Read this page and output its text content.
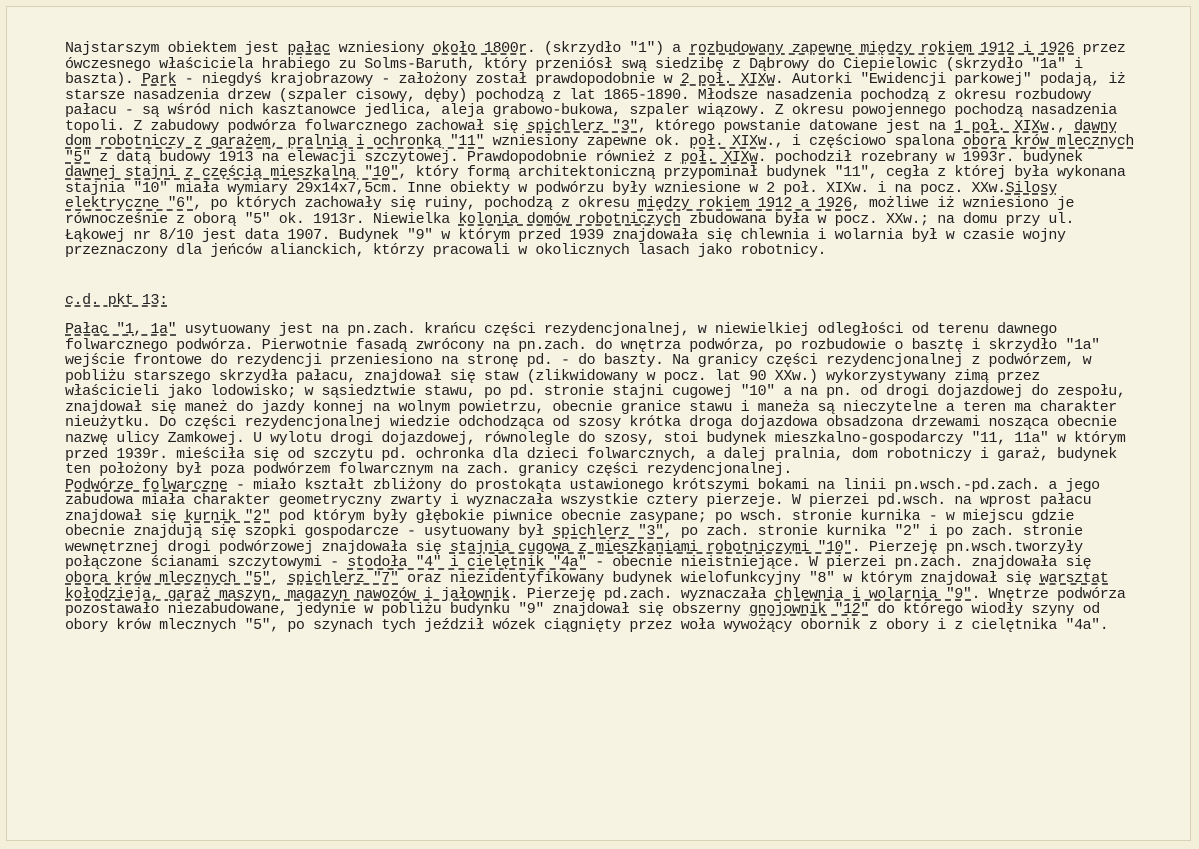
Najstarszym obiektem jest pałac wzniesiony około 1800r. (skrzydło "1") a rozbudowany zapewne między rokiem 1912 i 1926 przez ówczesnego właściciela hrabiego zu Solms-Baruth, który przeniósł swą siedzibę z Dąbrowy do Ciepielowic (skrzydło "1a" i baszta). Park - niegdyś krajobrazowy - założony został prawdopodobnie w 2 poł. XIXw. Autorki "Ewidencji parkowej" podają, iż starsze nasadzenia drzew (szpaler cisowy, dęby) pochodzą z lat 1865-1890. Młodsze nasadzenia pochodzą z okresu rozbudowy pałacu - są wśród nich kasztanowce jedlica, aleja grabowo-bukowa, szpaler wiązowy. Z okresu powojennego pochodzą nasadzenia topoli. Z zabudowy podwórza folwarcznego zachował się spichlerz "3", którego powstanie datowane jest na 1 poł. XIXw., dawny dom robotniczy z garażem, pralnią i ochronką "11" wzniesiony zapewne ok. poł. XIXw., i częściowo spalona obora krów mlecznych "5" z datą budowy 1913 na elewacji szczytowej. Prawdopodobnie również z poł. XIXw. pochodził rozebrany w 1993r. budynek dawnej stajni z częścią mieszkalną "10", który formą architektoniczną przypominał budynek "11", cegła z której była wykonana stajnia "10" miała wymiary 29x14x7,5cm. Inne obiekty w podwórzu były wzniesione w 2 poł. XIXw. i na pocz. XXw.Silosy elektryczne "6", po których zachowały się ruiny, pochodzą z okresu między rokiem 1912 a 1926, możliwe iż wzniesiono je równocześnie z oborą "5" ok. 1913r. Niewielka kolonia domów robotniczych zbudowana była w pocz. XXw.; na domu przy ul. Łąkowej nr 8/10 jest data 1907. Budynek "9" w którym przed 1939 znajdowała się chlewnia i wolarnia był w czasie wojny przeznaczony dla jeńców alianckich, którzy pracowali w okolicznych lasach jako robotnicy.

c.d. pkt 13:

Pałac "1, 1a" usytuowany jest na pn.zach. krańcu części rezydencjonalnej, w niewielkiej odległości od terenu dawnego folwarcznego podwórza. Pierwotnie fasadą zwrócony na pn.zach. do wnętrza podwórza, po rozbudowie o basztę i skrzydło "1a" wejście frontowe do rezydencji przeniesiono na stronę pd. - do baszty. Na granicy części rezydencjonalnej z podwórzem, w pobliżu starszego skrzydła pałacu, znajdował się staw (zlikwidowany w pocz. lat 90 XXw.) wykorzystywany zimą przez właścicieli jako lodowisko; w sąsiedztwie stawu, po pd. stronie stajni cugowej "10" a na pn. od drogi dojazdowej do zespołu, znajdował się maneż do jazdy konnej na wolnym powietrzu, obecnie granice stawu i maneża są nieczytelne a teren ma charakter nieużytku. Do części rezydencjonalnej wiedzie odchodząca od szosy krótka droga dojazdowa obsadzona drzewami nosząca obecnie nazwę ulicy Zamkowej. U wylotu drogi dojazdowej, równolegle do szosy, stoi budynek mieszkalno-gospodarczy "11, 11a" w którym przed 1939r. mieściła się od szczytu pd. ochronka dla dzieci folwarcznych, a dalej pralnia, dom robotniczy i garaż, budynek ten położony był poza podwórzem folwarcznym na zach. granicy części rezydencjonalnej.

Podwórze folwarczne - miało kształt zbliżony do prostokąta ustawionego krótszymi bokami na linii pn.wsch.-pd.zach. a jego zabudowa miała charakter geometryczny zwarty i wyznaczała wszystkie cztery pierzeje. W pierzei pd.wsch. na wprost pałacu znajdował się kurnik "2" pod którym były głębokie piwnice obecnie zasypane; po wsch. stronie kurnika - w miejscu gdzie obecnie znajdują się szopki gospodarcze - usytuowany był spichlerz "3", po zach. stronie kurnika "2" i po zach. stronie wewnętrznej drogi podwórzowej znajdowała się stajnia cugowa z mieszkaniami robotniczymi "10". Pierzeję pn.wsch.tworzyły połączone ścianami szczytowymi - stodoła "4" i cielętnik "4a" - obecnie nieistniejące. W pierzei pn.zach. znajdowała się obora krów mlecznych "5", spichlerz "7" oraz niezidentyfikowany budynek wielofunkcyjny "8" w którym znajdował się warsztat kołodzieja, garaż maszyn, magazyn nawozów i jałownik. Pierzeję pd.zach. wyznaczała chlewnia i wolarnia "9". Wnętrze podwórza pozostawało niezabudowane, jedynie w pobliżu budynku "9" znajdował się obszerny gnojownik "12" do którego wiodły szyny od obory krów mlecznych "5", po szynach tych jeździł wózek ciągnięty przez woła wywożący obornik z obory i z cielętnika "4a".
